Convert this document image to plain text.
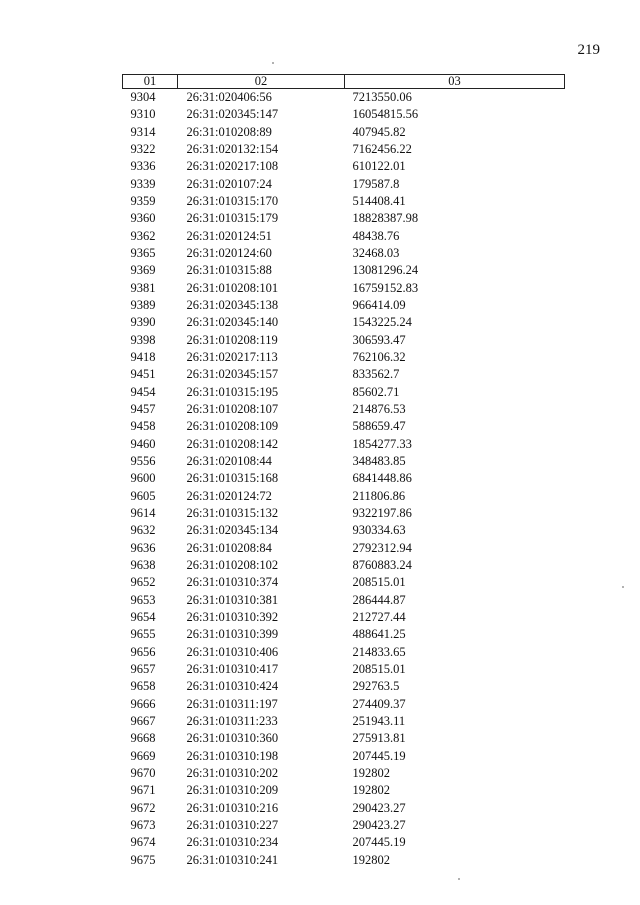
219
01	02	03
9304	26:31:020406:56	7213550.06
9310	26:31:020345:147	16054815.56
9314	26:31:010208:89	407945.82
9322	26:31:020132:154	7162456.22
9336	26:31:020217:108	610122.01
9339	26:31:020107:24	179587.8
9359	26:31:010315:170	514408.41
9360	26:31:010315:179	18828387.98
9362	26:31:020124:51	48438.76
9365	26:31:020124:60	32468.03
9369	26:31:010315:88	13081296.24
9381	26:31:010208:101	16759152.83
9389	26:31:020345:138	966414.09
9390	26:31:020345:140	1543225.24
9398	26:31:010208:119	306593.47
9418	26:31:020217:113	762106.32
9451	26:31:020345:157	833562.7
9454	26:31:010315:195	85602.71
9457	26:31:010208:107	214876.53
9458	26:31:010208:109	588659.47
9460	26:31:010208:142	1854277.33
9556	26:31:020108:44	348483.85
9600	26:31:010315:168	6841448.86
9605	26:31:020124:72	211806.86
9614	26:31:010315:132	9322197.86
9632	26:31:020345:134	930334.63
9636	26:31:010208:84	2792312.94
9638	26:31:010208:102	8760883.24
9652	26:31:010310:374	208515.01
9653	26:31:010310:381	286444.87
9654	26:31:010310:392	212727.44
9655	26:31:010310:399	488641.25
9656	26:31:010310:406	214833.65
9657	26:31:010310:417	208515.01
9658	26:31:010310:424	292763.5
9666	26:31:010311:197	274409.37
9667	26:31:010311:233	251943.11
9668	26:31:010310:360	275913.81
9669	26:31:010310:198	207445.19
9670	26:31:010310:202	192802
9671	26:31:010310:209	192802
9672	26:31:010310:216	290423.27
9673	26:31:010310:227	290423.27
9674	26:31:010310:234	207445.19
9675	26:31:010310:241	192802
